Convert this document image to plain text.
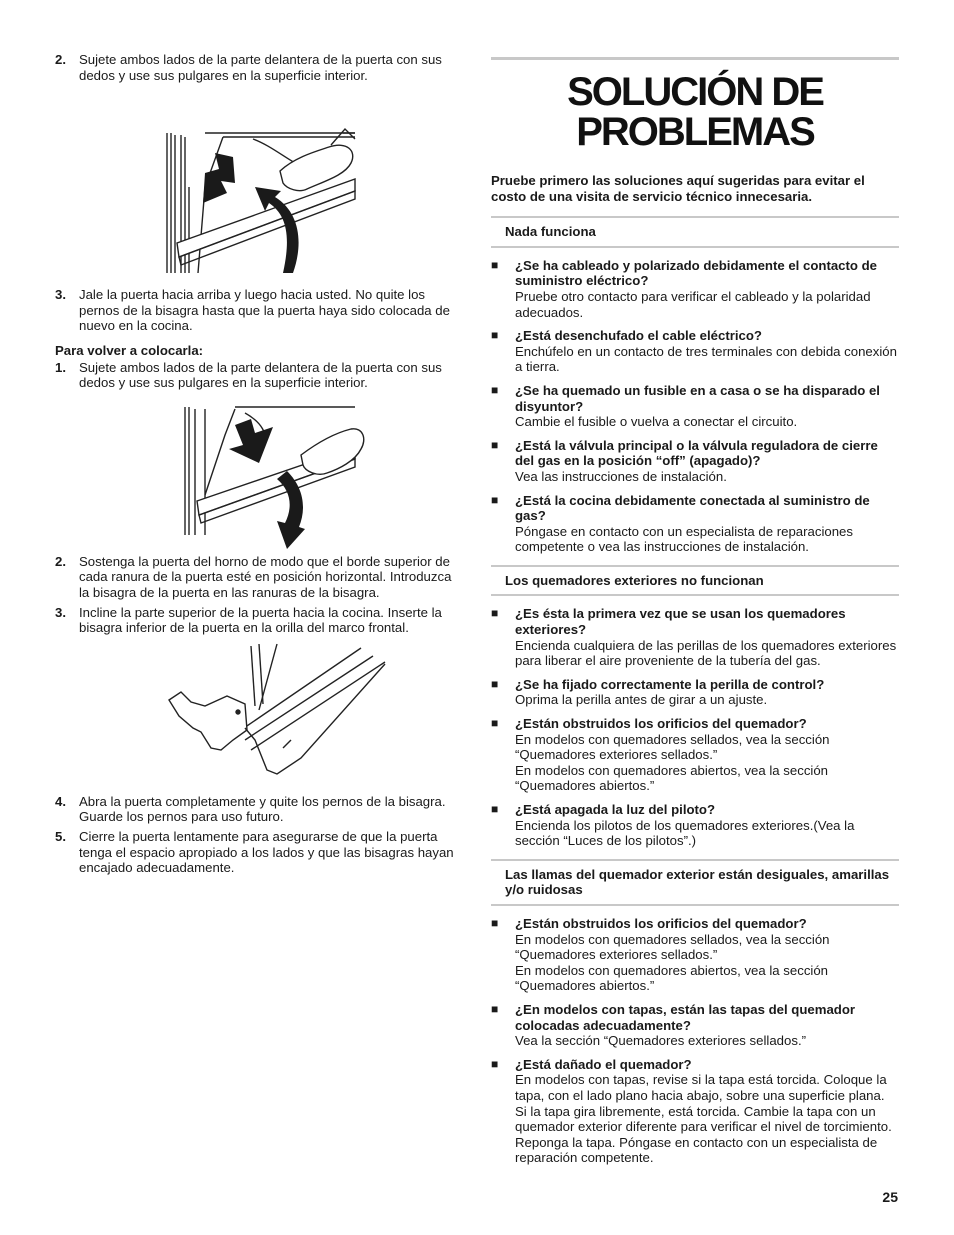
2. Sujete ambos lados de la parte delantera de la puerta con sus dedos y use sus pulgares en la superficie interior.
3. Jale la puerta hacia arriba y luego hacia usted. No quite los pernos de la bisagra hasta que la puerta haya sido colocada de nuevo en la cocina.
Para volver a colocarla:
1. Sujete ambos lados de la parte delantera de la puerta con sus dedos y use sus pulgares en la superficie interior.
2. Sostenga la puerta del horno de modo que el borde superior de cada ranura de la puerta esté en posición horizontal. Introduzca la bisagra de la puerta en las ranuras de la bisagra.
3. Incline la parte superior de la puerta hacia la cocina. Inserte la bisagra inferior de la puerta en la orilla del marco frontal.
4. Abra la puerta completamente y quite los pernos de la bisagra. Guarde los pernos para uso futuro.
5. Cierre la puerta lentamente para asegurarse de que la puerta tenga el espacio apropiado a los lados y que las bisagras hayan encajado adecuadamente.
SOLUCIÓN DE
PROBLEMAS
Pruebe primero las soluciones aquí sugeridas para evitar el costo de una visita de servicio técnico innecesaria.
Nada funciona
■	¿Se ha cableado y polarizado debidamente el contacto de suministro eléctrico?
Pruebe otro contacto para verificar el cableado y la polaridad adecuados.
■	¿Está desenchufado el cable eléctrico?
Enchúfelo en un contacto de tres terminales con debida conexión a tierra.
■	¿Se ha quemado un fusible en a casa o se ha disparado el disyuntor?
Cambie el fusible o vuelva a conectar el circuito.
■	¿Está la válvula principal o la válvula reguladora de cierre del gas en la posición “off” (apagado)?
Vea las instrucciones de instalación.
■	¿Está la cocina debidamente conectada al suministro de gas?
Póngase en contacto con un especialista de reparaciones competente o vea las instrucciones de instalación.
Los quemadores exteriores no funcionan
■	¿Es ésta la primera vez que se usan los quemadores exteriores?
Encienda cualquiera de las perillas de los quemadores exteriores para liberar el aire proveniente de la tubería del gas.
■	¿Se ha fijado correctamente la perilla de control?
Oprima la perilla antes de girar a un ajuste.
■	¿Están obstruidos los orificios del quemador?
En modelos con quemadores sellados, vea la sección “Quemadores exteriores sellados.”
En modelos con quemadores abiertos, vea la sección “Quemadores abiertos.”
■	¿Está apagada la luz del piloto?
Encienda los pilotos de los quemadores exteriores.(Vea la sección “Luces de los pilotos”.)
Las llamas del quemador exterior están desiguales, amarillas y/o ruidosas
■	¿Están obstruidos los orificios del quemador?
En modelos con quemadores sellados, vea la sección “Quemadores exteriores sellados.”
En modelos con quemadores abiertos, vea la sección “Quemadores abiertos.”
■	¿En modelos con tapas, están las tapas del quemador colocadas adecuadamente?
Vea la sección “Quemadores exteriores sellados.”
■	¿Está dañado el quemador?
En modelos con tapas, revise si la tapa está torcida. Coloque la tapa, con el lado plano hacia abajo, sobre una superficie plana. Si la tapa gira libremente, está torcida. Cambie la tapa con un quemador exterior diferente para verificar el nivel de torcimiento. Reponga la tapa. Póngase en contacto con un especialista de reparación competente.
25
